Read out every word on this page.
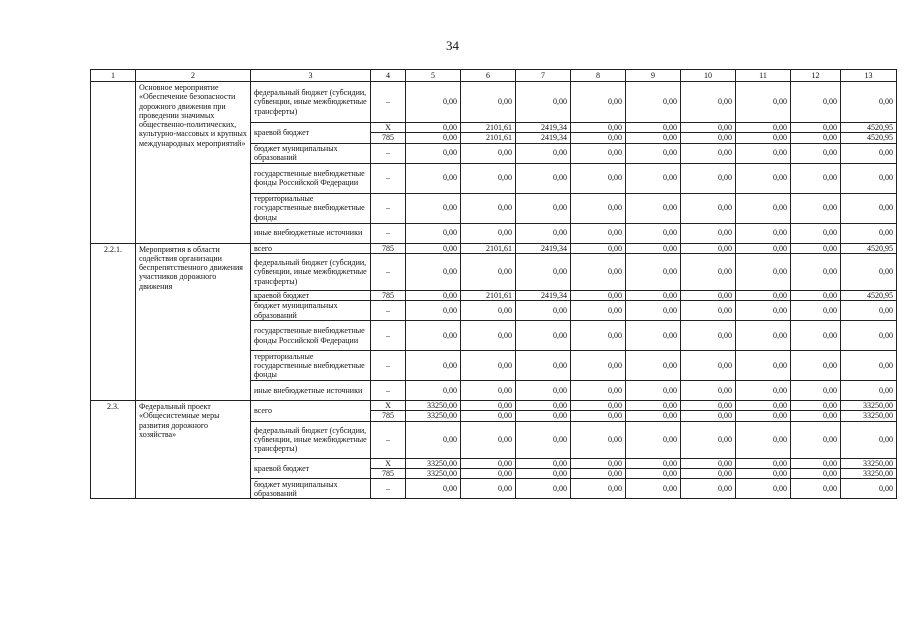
34
1	2	3	4	5	6	7	8	9	10	11	12	13
	Основное мероприятие «Обеспечение безопасности дорожного движения при проведении значимых общественно-политических, культурно-массовых и крупных международных мероприятий»	федеральный бюджет (субсидии, субвенции, иные межбюджетные трансферты)	–	0,00	0,00	0,00	0,00	0,00	0,00	0,00	0,00	0,00
		краевой бюджет	Х	0,00	2101,61	2419,34	0,00	0,00	0,00	0,00	0,00	4520,95
			785	0,00	2101,61	2419,34	0,00	0,00	0,00	0,00	0,00	4520,95
		бюджет муниципальных образований	–	0,00	0,00	0,00	0,00	0,00	0,00	0,00	0,00	0,00
		государственные внебюджетные фонды Российской Федерации	–	0,00	0,00	0,00	0,00	0,00	0,00	0,00	0,00	0,00
		территориальные государственные внебюджетные фонды	–	0,00	0,00	0,00	0,00	0,00	0,00	0,00	0,00	0,00
		иные внебюджетные источники	–	0,00	0,00	0,00	0,00	0,00	0,00	0,00	0,00	0,00
2.2.1.	Мероприятия в области содействия организации беспрепятственного движения участников дорожного движения	всего	785	0,00	2101,61	2419,34	0,00	0,00	0,00	0,00	0,00	4520,95
		федеральный бюджет (субсидии, субвенции, иные межбюджетные трансферты)	–	0,00	0,00	0,00	0,00	0,00	0,00	0,00	0,00	0,00
		краевой бюджет	785	0,00	2101,61	2419,34	0,00	0,00	0,00	0,00	0,00	4520,95
		бюджет муниципальных образований	–	0,00	0,00	0,00	0,00	0,00	0,00	0,00	0,00	0,00
		государственные внебюджетные фонды Российской Федерации	–	0,00	0,00	0,00	0,00	0,00	0,00	0,00	0,00	0,00
		территориальные государственные внебюджетные фонды	–	0,00	0,00	0,00	0,00	0,00	0,00	0,00	0,00	0,00
		иные внебюджетные источники	–	0,00	0,00	0,00	0,00	0,00	0,00	0,00	0,00	0,00
2.3.	Федеральный проект «Общесистемные меры развития дорожного хозяйства»	всего	Х	33250,00	0,00	0,00	0,00	0,00	0,00	0,00	0,00	33250,00
			785	33250,00	0,00	0,00	0,00	0,00	0,00	0,00	0,00	33250,00
		федеральный бюджет (субсидии, субвенции, иные межбюджетные трансферты)	–	0,00	0,00	0,00	0,00	0,00	0,00	0,00	0,00	0,00
		краевой бюджет	Х	33250,00	0,00	0,00	0,00	0,00	0,00	0,00	0,00	33250,00
			785	33250,00	0,00	0,00	0,00	0,00	0,00	0,00	0,00	33250,00
		бюджет муниципальных образований	–	0,00	0,00	0,00	0,00	0,00	0,00	0,00	0,00	0,00
